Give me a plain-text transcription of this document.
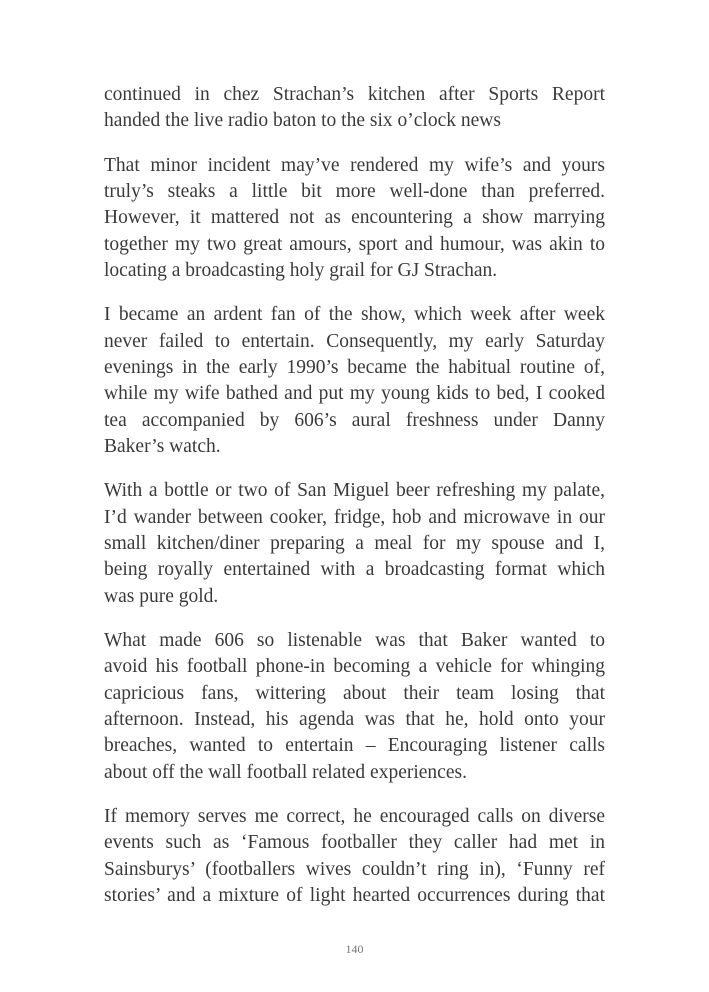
continued in chez Strachan’s kitchen after Sports Report
handed the live radio baton to the six o’clock news
That minor incident may’ve rendered my wife’s and yours
truly’s steaks a little bit more well-done than preferred.
However, it mattered not as encountering a show marrying
together my two great amours, sport and humour, was akin to
locating a broadcasting holy grail for GJ Strachan.
I became an ardent fan of the show, which week after week
never failed to entertain. Consequently, my early Saturday
evenings in the early 1990’s became the habitual routine of,
while my wife bathed and put my young kids to bed, I cooked
tea accompanied by 606’s aural freshness under Danny
Baker’s watch.
With a bottle or two of San Miguel beer refreshing my palate,
I’d wander between cooker, fridge, hob and microwave in our
small kitchen/diner preparing a meal for my spouse and I,
being royally entertained with a broadcasting format which
was pure gold.
What made 606 so listenable was that Baker wanted to
avoid his football phone-in becoming a vehicle for whinging
capricious fans, wittering about their team losing that
afternoon. Instead, his agenda was that he, hold onto your
breaches, wanted to entertain – Encouraging listener calls
about off the wall football related experiences.
If memory serves me correct, he encouraged calls on diverse
events such as ‘Famous footballer they caller had met in
Sainsburys’ (footballers wives couldn’t ring in), ‘Funny ref
stories’ and a mixture of light hearted occurrences during that
140
